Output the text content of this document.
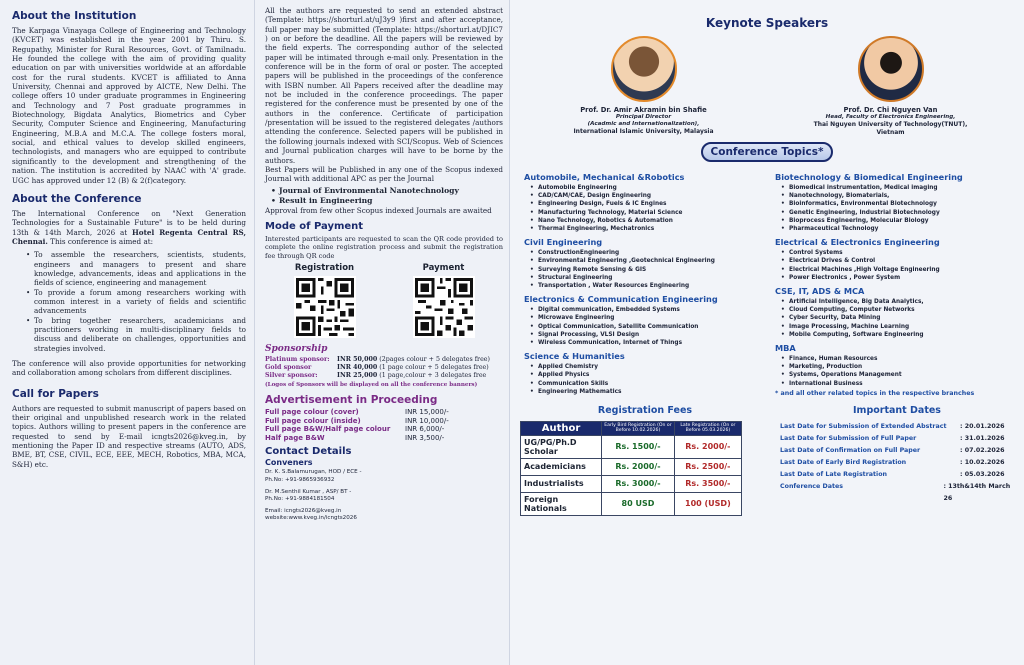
About the Institution

The Karpaga Vinayaga College of Engineering and Technology (KVCET) was established in the year 2001 by Thiru. S. Regupathy, Minister for Rural Resources, Govt. of Tamilnadu. He founded the college with the aim of providing quality education on par with universities worldwide at an affordable cost for the rural students. KVCET is affiliated to Anna University, Chennai and approved by AICTE, New Delhi. The college offers 10 under graduate programmes in Engineering and Technology and 7 Post graduate programmes in Biotechnology, Bigdata Analytics, Biometrics and Cyber Security, Computer Science and Engineering, Manufacturing Engineering, M.B.A and M.C.A. The college fosters moral, social, and ethical values to develop skilled engineers, technologists, and managers who are equipped to contribute significantly to the development and strengthening of the nation. The institution is accredited by NAAC with 'A' grade. UGC has approved under 12 (B) & 2(f)category.

About the Conference

The International Conference on "Next Generation Technologies for a Sustainable Future" is to be held during 13th & 14th March, 2026 at Hotel Regenta Central RS, Chennai. This conference is aimed at:

• To assemble the researchers, scientists, students, engineers and managers to present and share knowledge, advancements, ideas and applications in the fields of science, engineering and management
• To provide a forum among researchers working with common interest in a variety of fields and scientific advancements
• To bring together researchers, academicians and practitioners working in multi-disciplinary fields to discuss and deliberate on challenges, opportunities and strategies involved.

The conference will also provide opportunities for networking and collaboration among scholars from different disciplines.

Call for Papers

Authors are requested to submit manuscript of papers based on their original and unpublished research work in the related topics. Authors willing to present papers in the conference are requested to send by E-mail icngts2026@kveg.in, by mentioning the Paper ID and respective streams (AUTO, ADS, BME, BT, CSE, CIVIL, ECE, EEE, MECH, Robotics, MBA, MCA, S&H) etc.

All the authors are requested to send an extended abstract (Template: https://shorturl.at/uJ3y9 )first and after acceptance, full paper may be submitted (Template: https://shorturl.at/DJIC7 ) on or before the deadline. All the papers will be reviewed by the field experts. The corresponding author of the selected paper will be intimated through e-mail only. Presentation in the conference will be in the form of oral or poster. The accepted papers will be published in the proceedings of the conference with ISBN number. All Papers received after the deadline may not be included in the conference proceedings. The paper registered for the conference must be presented by one of the authors in the conference. Certificate of participation /presentation will be issued to the registered delegates /authors attending the conference. Selected papers will be published in the following journals indexed with SCI/Scopus. Web of Sciences and Journal publication charges will have to be borne by the authors.

Best Papers will be Published in any one of the Scopus indexed Journal with additional APC as per the Journal

• Journal of Environmental Nanotechnology
• Result in Engineering

Approval from few other Scopus indexed Journals are awaited

Mode of Payment

Interested participants are requested to scan the QR code provided to complete the online registration process and submit the registration fee through QR code

Registration	Payment
Sponsorship
Platinum sponsor:	INR 50,000 (2pages colour + 5 delegates free)
Gold sponsor	INR 40,000 (1 page colour + 5 delegates free)
Silver sponsor:	INR 25,000 (1 page,colour + 3 delegates free
(Logos of Sponsors will be displayed on all the conference banners)
Advertisement in Proceeding
Full page colour (cover)	INR 15,000/-
Full page colour (inside)	INR 10,000/-
Full page B&W/Half page colour	INR 6,000/-
Half page B&W	INR 3,500/-
Contact Details
Conveners
Dr. K. S.Balamurugan, HOD / ECE -
Ph.No: +91-9865936932
Dr. M.Senthil Kumar , ASP/ BT -
Ph.No: +91-9884181504
Email: icngts2026@kveg.in
website:www.kveg.in/icngts2026
Keynote Speakers
Prof. Dr. Amir Akramin bin Shafie
Principal Director
(Acadmic and Internationalization),
International Islamic University, Malaysia
Prof. Dr. Chi Nguyen Van
Head, Faculty of Electronics Engineering,
Thai Nguyen University of Technology(TNUT),
Vietnam
Conference Topics*
Automobile, Mechanical &Robotics
• Automobile Engineering
• CAD/CAM/CAE, Design Engineering
• Engineering Design, Fuels & IC Engines
• Manufacturing Technology, Material Science
• Nano Technology, Robotics & Automation
• Thermal Engineering, Mechatronics
Civil Engineering
• ConstructionEngineering
• Environmental Engineering ,Geotechnical Engineering
• Surveying Remote Sensing & GIS
• Structural Engineering
• Transportation , Water Resources Engineering
Electronics & Communication Engineering
• Digital communication, Embedded Systems
• Microwave Engineering
• Optical Communication, Satellite Communication
• Signal Processing, VLSI Design
• Wireless Communication, Internet of Things
Science & Humanities
• Applied Chemistry
• Applied Physics
• Communication Skills
• Engineering Mathematics
Biotechnology & Biomedical Engineering
• Biomedical instrumentation, Medical imaging
• Nanotechnology, Biomaterials,
• Bioinformatics, Environmental Biotechnology
• Genetic Engineering, Industrial Biotechnology
• Bioprocess Engineering, Molecular Biology
• Pharmaceutical Technology
Electrical & Electronics Engineering
• Control Systems
• Electrical Drives & Control
• Electrical Machines ,High Voltage Engineering
• Power Electronics , Power System
CSE, IT, ADS & MCA
• Artificial Intelligence, Big Data Analytics,
• Cloud Computing, Computer Networks
• Cyber Security, Data Mining
• Image Processing, Machine Learning
• Mobile Computing, Software Engineering
MBA
• Finance, Human Resources
• Marketing, Production
• Systems, Operations Management
• International Business
* and all other related topics in the respective branches
Registration Fees
Author	Early Bird Registration (On or Before 10.02.2026)	Late Registration (On or Before 05.03.2026)
UG/PG/Ph.D Scholar	Rs. 1500/-	Rs. 2000/-
Academicians	Rs. 2000/-	Rs. 2500/-
Industrialists	Rs. 3000/-	Rs. 3500/-
Foreign Nationals	80 USD	100 (USD)
Important Dates
Last Date for Submission of Extended Abstract	: 20.01.2026
Last Date for Submission of Full Paper	: 31.01.2026
Last Date of Confirmation on Full Paper	: 07.02.2026
Last Date of Early Bird Registration	: 10.02.2026
Last Date of Late Registration	: 05.03.2026
Conference Dates	: 13th&14th March 26
